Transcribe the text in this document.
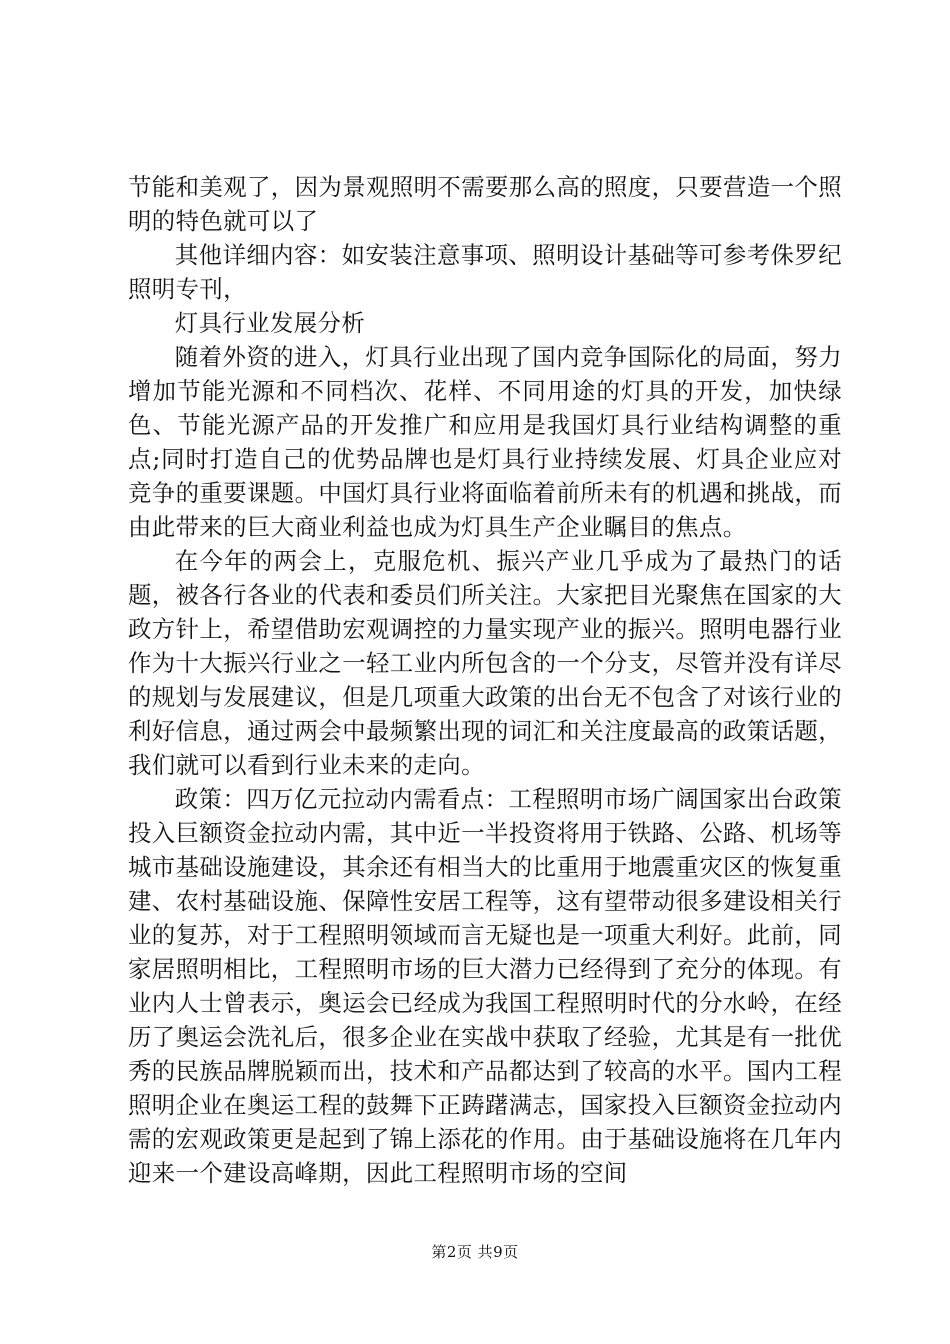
节能和美观了，因为景观照明不需要那么高的照度，只要营造一个照明的特色就可以了

其他详细内容：如安装注意事项、照明设计基础等可参考侏罗纪照明专刊，

灯具行业发展分析

随着外资的进入，灯具行业出现了国内竞争国际化的局面，努力增加节能光源和不同档次、花样、不同用途的灯具的开发，加快绿色、节能光源产品的开发推广和应用是我国灯具行业结构调整的重点;同时打造自己的优势品牌也是灯具行业持续发展、灯具企业应对竞争的重要课题。中国灯具行业将面临着前所未有的机遇和挑战，而由此带来的巨大商业利益也成为灯具生产企业瞩目的焦点。

在今年的两会上，克服危机、振兴产业几乎成为了最热门的话题，被各行各业的代表和委员们所关注。大家把目光聚焦在国家的大政方针上，希望借助宏观调控的力量实现产业的振兴。照明电器行业作为十大振兴行业之一轻工业内所包含的一个分支，尽管并没有详尽的规划与发展建议，但是几项重大政策的出台无不包含了对该行业的利好信息，通过两会中最频繁出现的词汇和关注度最高的政策话题，我们就可以看到行业未来的走向。

政策：四万亿元拉动内需看点：工程照明市场广阔国家出台政策投入巨额资金拉动内需，其中近一半投资将用于铁路、公路、机场等城市基础设施建设，其余还有相当大的比重用于地震重灾区的恢复重建、农村基础设施、保障性安居工程等，这有望带动很多建设相关行业的复苏，对于工程照明领域而言无疑也是一项重大利好。此前，同家居照明相比，工程照明市场的巨大潜力已经得到了充分的体现。有业内人士曾表示，奥运会已经成为我国工程照明时代的分水岭，在经历了奥运会洗礼后，很多企业在实战中获取了经验，尤其是有一批优秀的民族品牌脱颖而出，技术和产品都达到了较高的水平。国内工程照明企业在奥运工程的鼓舞下正踌躇满志，国家投入巨额资金拉动内需的宏观政策更是起到了锦上添花的作用。由于基础设施将在几年内迎来一个建设高峰期，因此工程照明市场的空间

第2页 共9页
